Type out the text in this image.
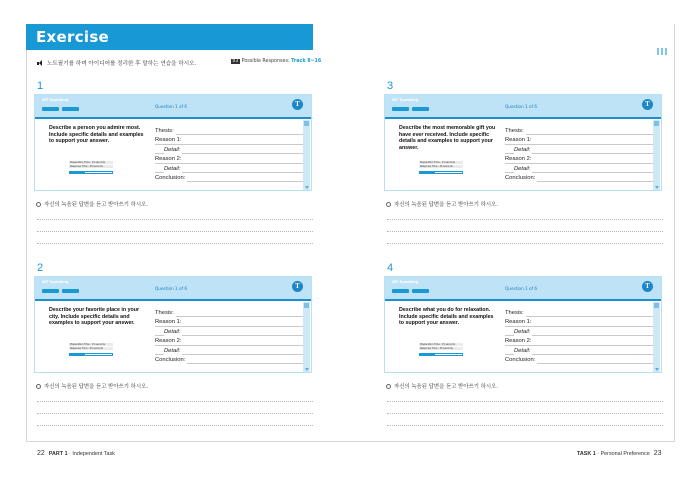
Exercise
노트필기를 하며 아이디어를 정리한 후 말하는 연습을 하시오.	03 Possible Responses: Track 8~16
1
iBT Speaking
Question 1 of 6	T
Describe a person you admire most. Include specific details and examples to support your answer.
Preparation Time : 15 seconds
Response Time : 45 seconds
Thesis:
Reason 1:
Detail:
Reason 2:
Detail:
Conclusion:
자신의 녹음된 답변을 듣고 받아쓰기 하시오.
2
iBT Speaking
Question 1 of 6	T
Describe your favorite place in your city. Include specific details and examples to support your answer.
Preparation Time : 15 seconds
Response Time : 45 seconds
Thesis:
Reason 1:
Detail:
Reason 2:
Detail:
Conclusion:
자신의 녹음된 답변을 듣고 받아쓰기 하시오.
3
iBT Speaking
Question 1 of 6	T
Describe the most memorable gift you have ever received. Include specific details and examples to support your answer.
Preparation Time : 15 seconds
Response Time : 45 seconds
Thesis:
Reason 1:
Detail:
Reason 2:
Detail:
Conclusion:
자신의 녹음된 답변을 듣고 받아쓰기 하시오.
4
iBT Speaking
Question 1 of 6	T
Describe what you do for relaxation. Include specific details and examples to support your answer.
Preparation Time : 15 seconds
Response Time : 45 seconds
Thesis:
Reason 1:
Detail:
Reason 2:
Detail:
Conclusion:
자신의 녹음된 답변을 듣고 받아쓰기 하시오.
22 PART 1 · Independent Task	TASK 1 · Personal Preference 23
